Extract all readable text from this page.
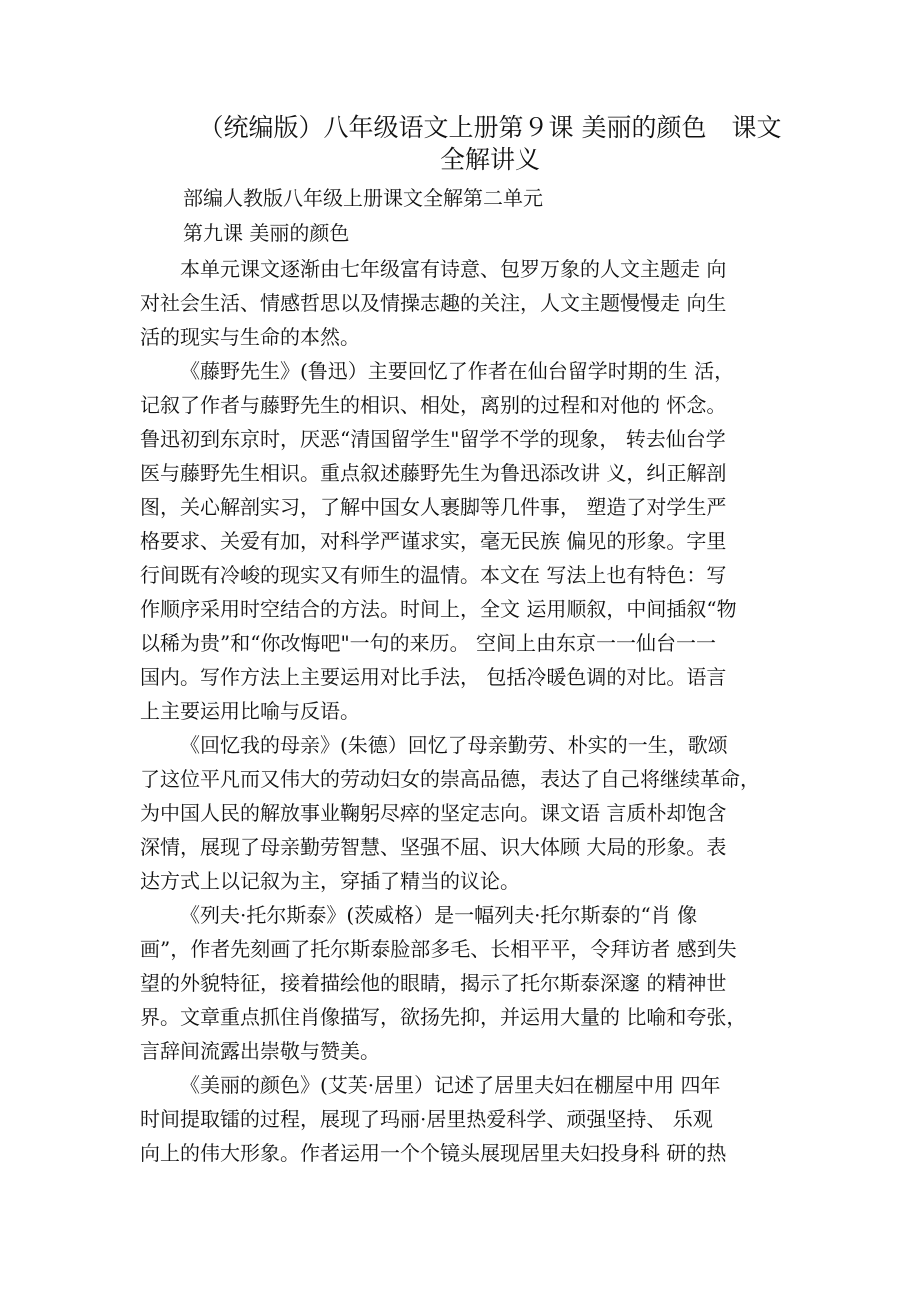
（统编版）八年级语文上册第９课 美丽的颜色　课文
全解讲义
部编人教版八年级上册课文全解第二单元
第九课 美丽的颜色
本单元课文逐渐由七年级富有诗意、包罗万象的人文主题走 向
对社会生活、情感哲思以及情操志趣的关注，人文主题慢慢走 向生
活的现实与生命的本然。
《藤野先生》(鲁迅）主要回忆了作者在仙台留学时期的生 活，
记叙了作者与藤野先生的相识、相处，离别的过程和对他的 怀念。
鲁迅初到东京时，厌恶“清国留学生"留学不学的现象， 转去仙台学
医与藤野先生相识。重点叙述藤野先生为鲁迅添改讲 义，纠正解剖
图，关心解剖实习，了解中国女人裹脚等几件事， 塑造了对学生严
格要求、关爱有加，对科学严谨求实，毫无民族 偏见的形象。字里
行间既有冷峻的现实又有师生的温情。本文在 写法上也有特色：写
作顺序采用时空结合的方法。时间上，全文 运用顺叙，中间插叙“物
以稀为贵”和“你改悔吧"一句的来历。 空间上由东京一一仙台一一
国内。写作方法上主要运用对比手法， 包括冷暖色调的对比。语言
上主要运用比喻与反语。
《回忆我的母亲》(朱德）回忆了母亲勤劳、朴实的一生，歌颂
了这位平凡而又伟大的劳动妇女的崇高品德，表达了自己将继续革命，
为中国人民的解放事业鞠躬尽瘁的坚定志向。课文语 言质朴却饱含
深情，展现了母亲勤劳智慧、坚强不屈、识大体顾 大局的形象。表
达方式上以记叙为主，穿插了精当的议论。
《列夫·托尔斯泰》(茨威格）是一幅列夫·托尔斯泰的“肖 像
画”，作者先刻画了托尔斯泰脸部多毛、长相平平，令拜访者 感到失
望的外貌特征，接着描绘他的眼睛，揭示了托尔斯泰深邃 的精神世
界。文章重点抓住肖像描写，欲扬先抑，并运用大量的 比喻和夸张，
言辞间流露出崇敬与赞美。
《美丽的颜色》(艾芙·居里）记述了居里夫妇在棚屋中用 四年
时间提取镭的过程，展现了玛丽·居里热爱科学、顽强坚持、 乐观
向上的伟大形象。作者运用一个个镜头展现居里夫妇投身科 研的热
